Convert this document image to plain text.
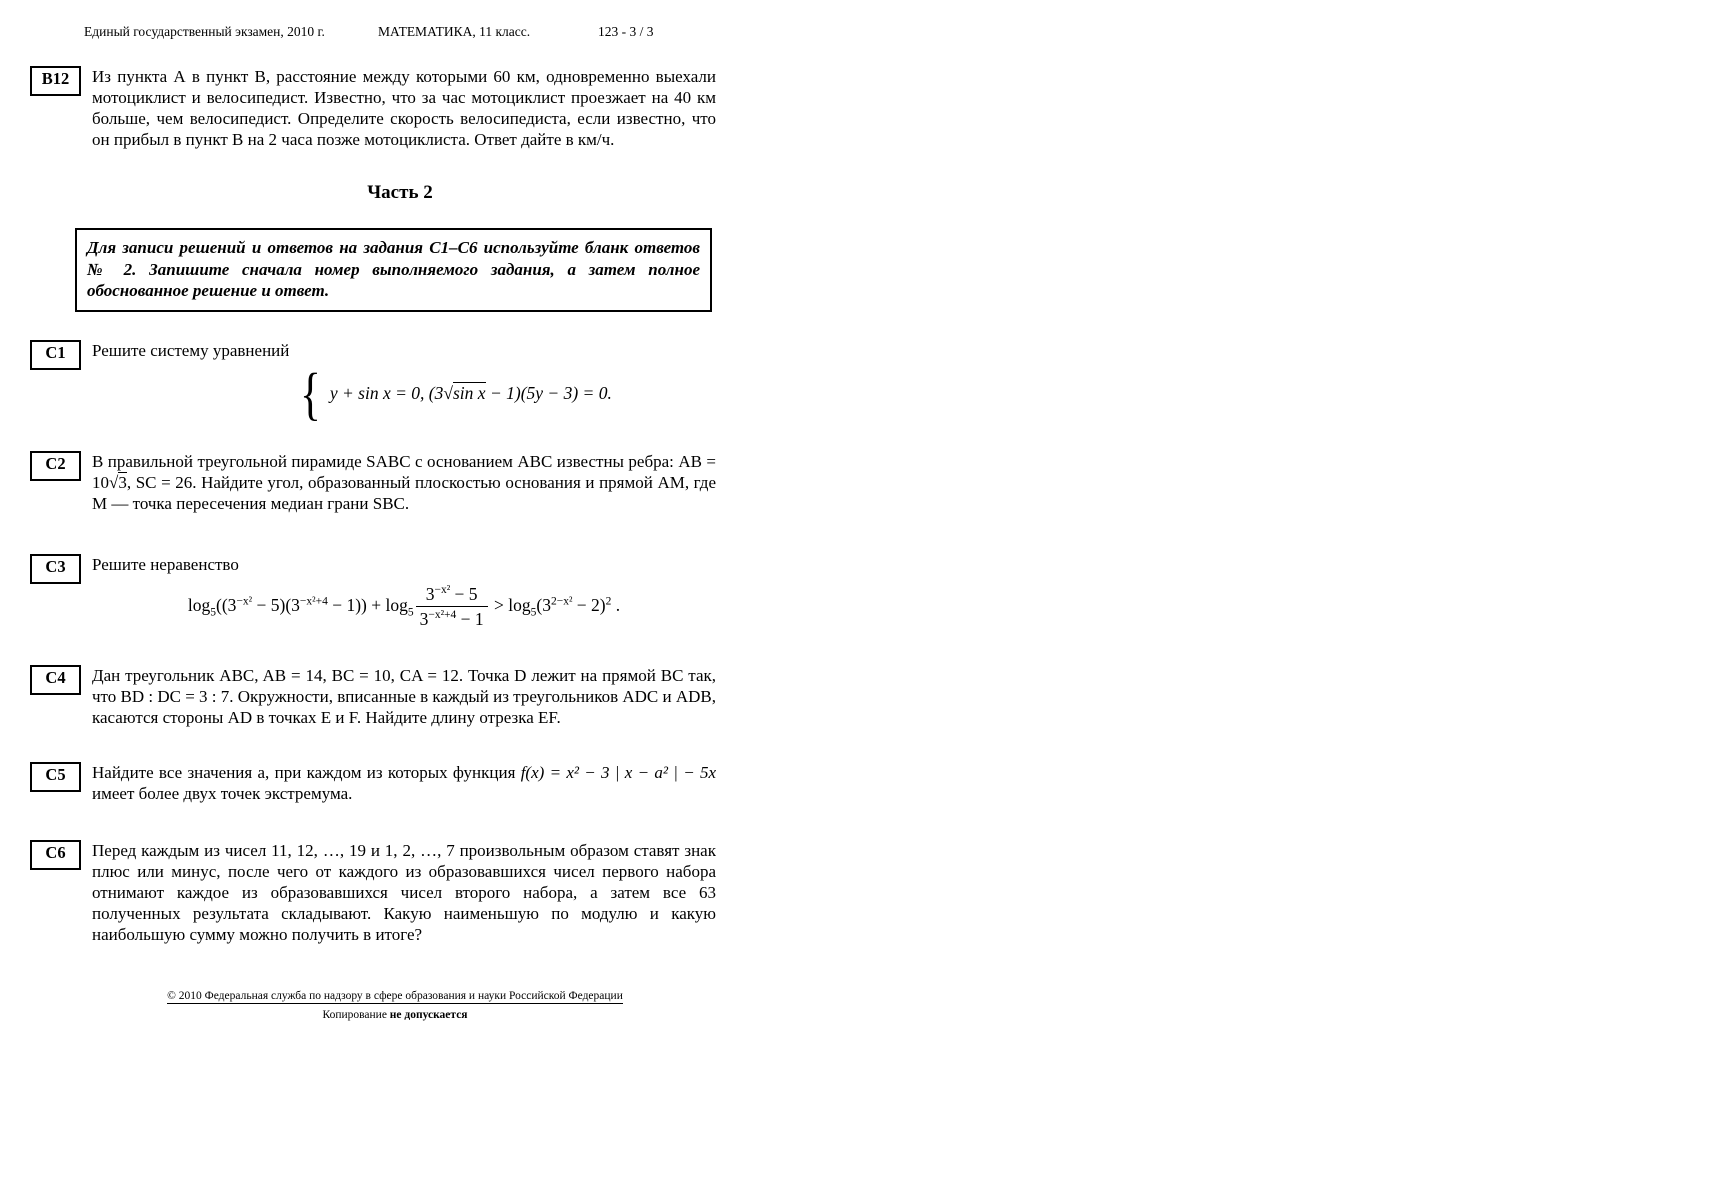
Единый государственный экзамен, 2010 г.	МАТЕМАТИКА, 11 класс.	123 - 3 / 3
В12	Из пункта А в пункт В, расстояние между которыми 60 км, одновременно выехали мотоциклист и велосипедист. Известно, что за час мотоциклист проезжает на 40 км больше, чем велосипедист. Определите скорость велосипедиста, если известно, что он прибыл в пункт В на 2 часа позже мотоциклиста. Ответ дайте в км/ч.

Часть 2
Для записи решений и ответов на задания С1–С6 используйте бланк ответов № 2. Запишите сначала номер выполняемого задания, а затем полное обоснованное решение и ответ.
С1	Решите систему уравнений

{ y + sin x = 0, (3√sin x − 1)(5y − 3) = 0.
С2	В правильной треугольной пирамиде SABC с основанием ABC известны ребра: AB = 10√3, SC = 26. Найдите угол, образованный плоскостью основания и прямой AM, где M — точка пересечения медиан грани SBC.

С3	Решите неравенство

$\log_5((3^{-x^2} - 5)(3^{-x^2+4} - 1)) + \log_5 \frac{3^{-x^2} - 5}{3^{-x^2+4} - 1} > \log_5(3^{2-x^2} - 2)^2$ .
С4	Дан треугольник ABC, AB = 14, BC = 10, CA = 12. Точка D лежит на прямой BC так, что BD : DC = 3 : 7. Окружности, вписанные в каждый из треугольников ADC и ADB, касаются стороны AD в точках E и F. Найдите длину отрезка EF.

С5	Найдите все значения a, при каждом из которых функция f(x) = x² − 3 | x − a² | − 5x имеет более двух точек экстремума.

С6	Перед каждым из чисел 11, 12, …, 19 и 1, 2, …, 7 произвольным образом ставят знак плюс или минус, после чего от каждого из образовавшихся чисел первого набора отнимают каждое из образовавшихся чисел второго набора, а затем все 63 полученных результата складывают. Какую наименьшую по модулю и какую наибольшую сумму можно получить в итоге?

© 2010 Федеральная служба по надзору в сфере образования и науки Российской Федерации
Копирование не допускается
